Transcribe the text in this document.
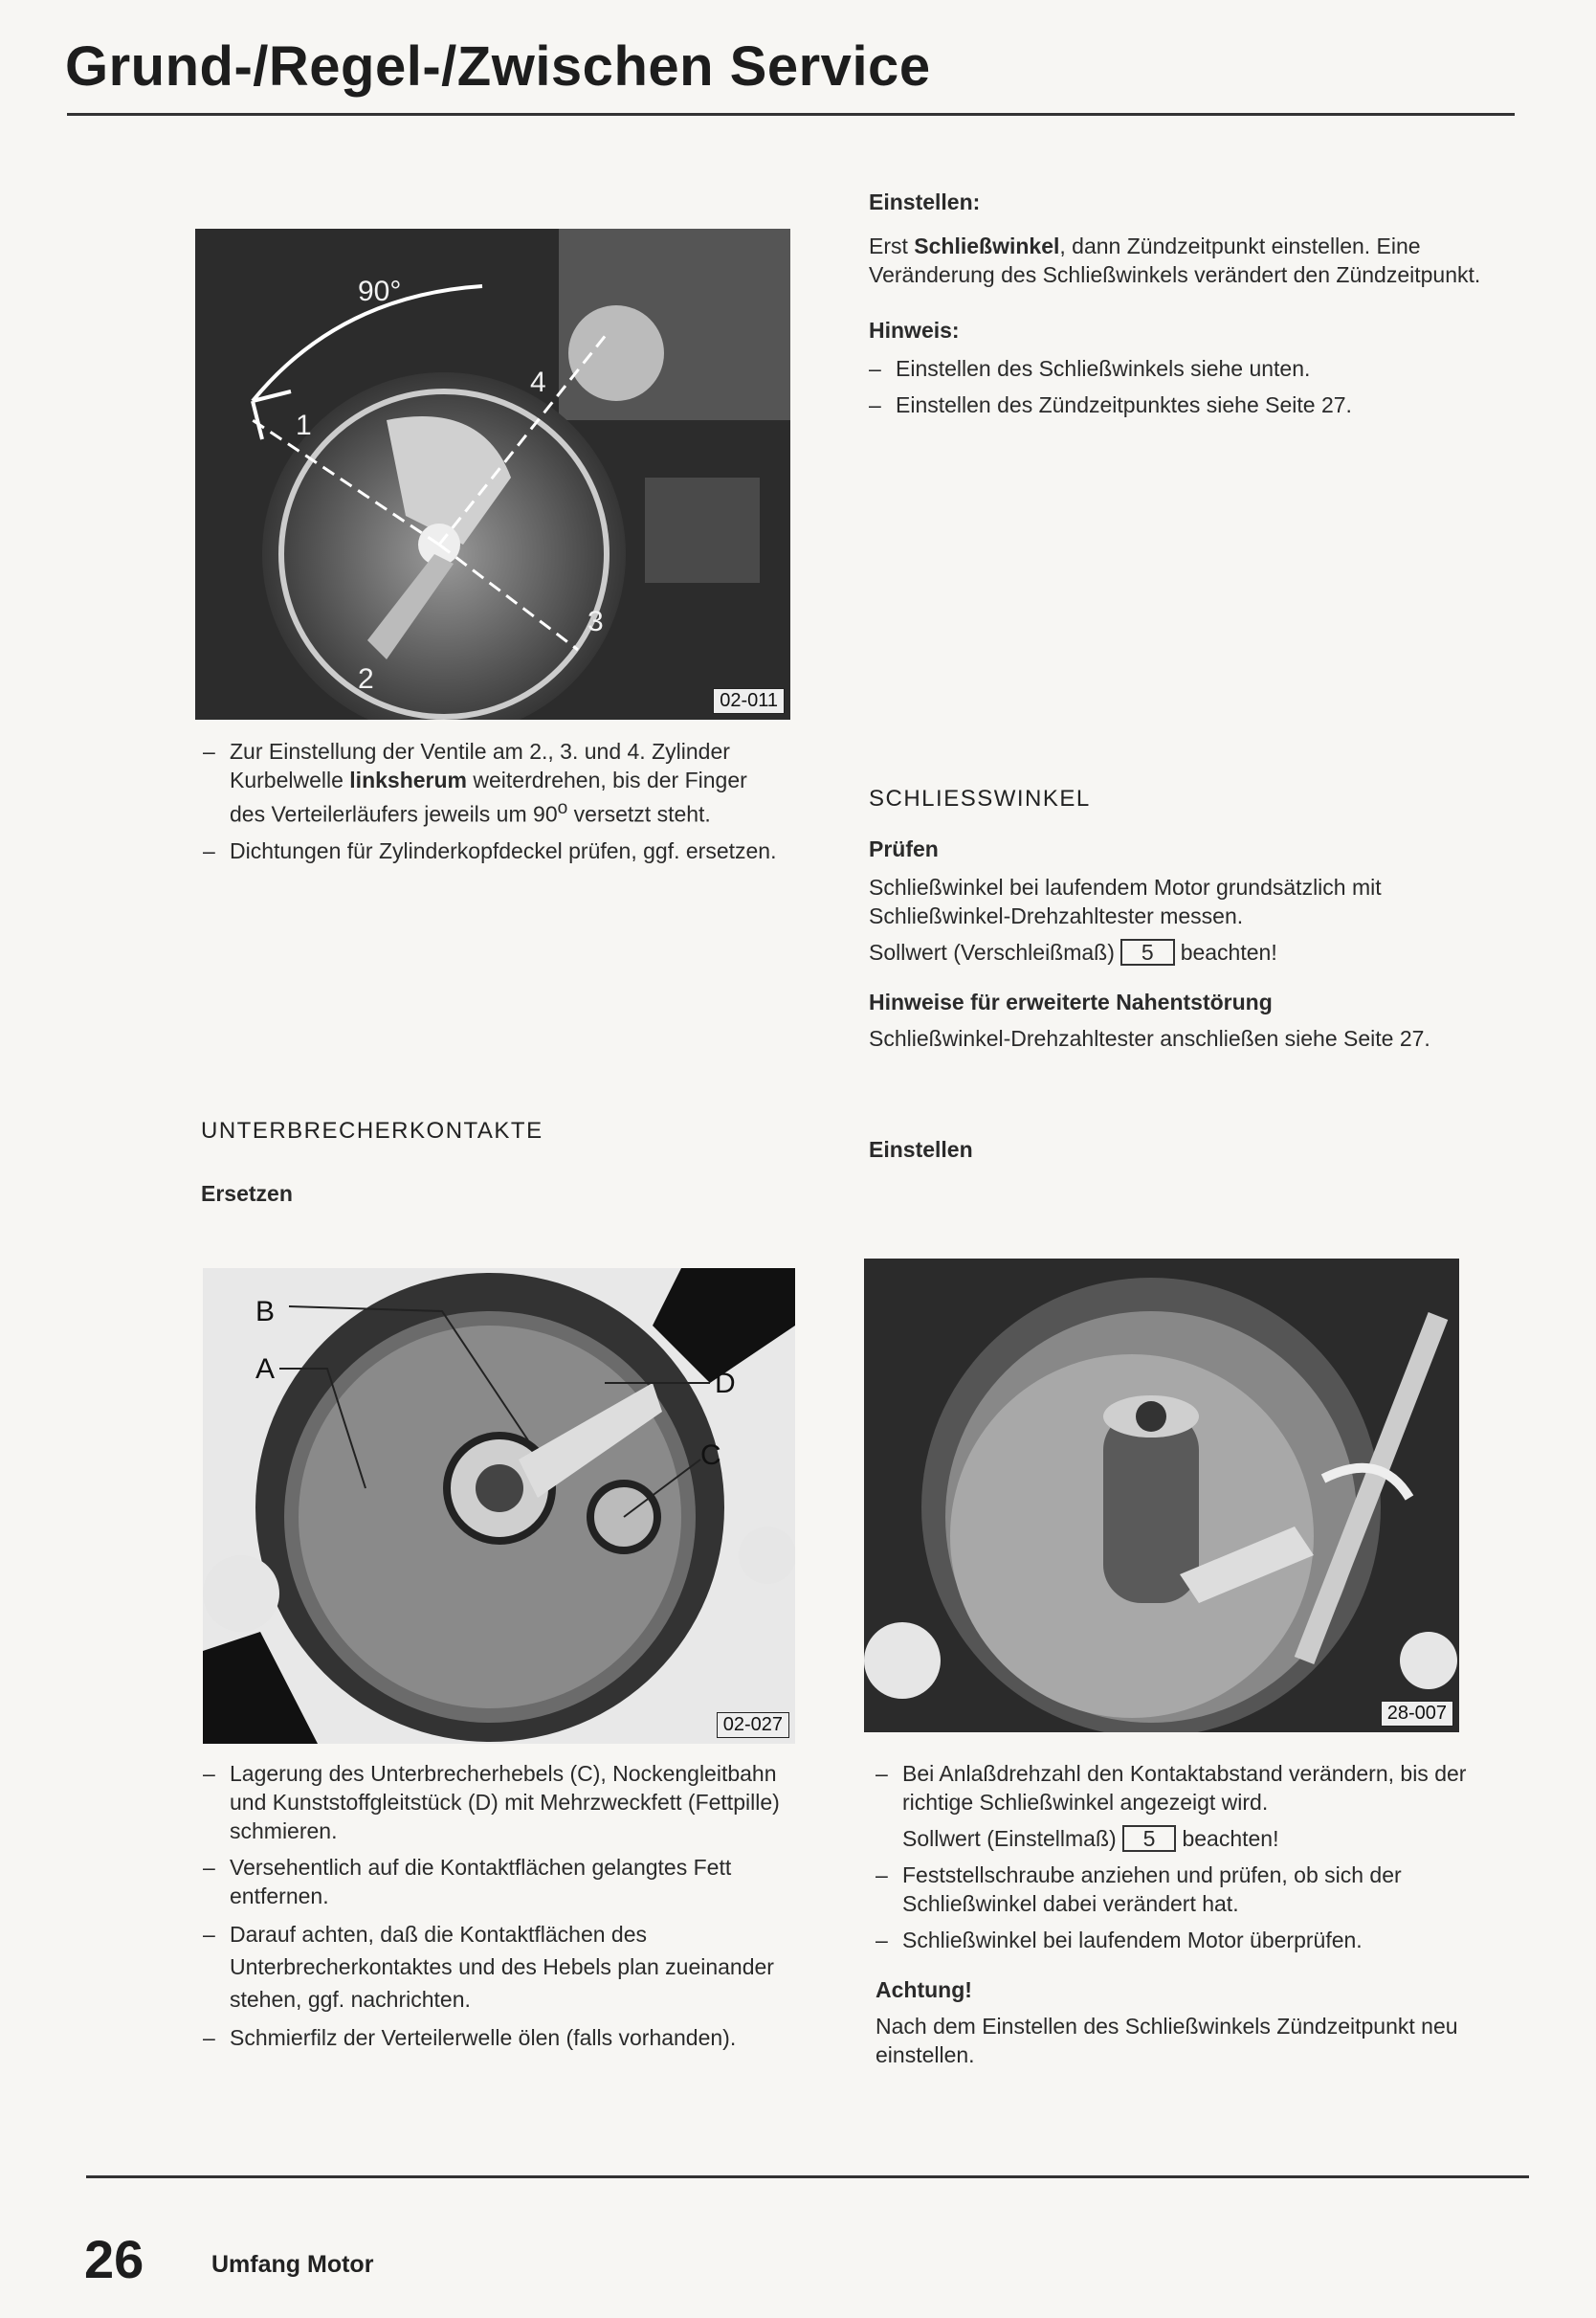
Grund-/Regel-/Zwischen Service
90°
1
2
3
4
02-011
Einstellen:
Erst Schließwinkel, dann Zündzeitpunkt einstellen. Eine Veränderung des Schließwinkels verändert den Zündzeitpunkt.
Hinweis:
– Einstellen des Schließwinkels siehe unten.
– Einstellen des Zündzeitpunktes siehe Seite 27.
– Zur Einstellung der Ventile am 2., 3. und 4. Zylinder Kurbelwelle linksherum weiterdrehen, bis der Finger des Verteilerläufers jeweils um 90$^o$ versetzt steht.
– Dichtungen für Zylinderkopfdeckel prüfen, ggf. ersetzen.
SCHLIESSWINKEL
Prüfen
Schließwinkel bei laufendem Motor grundsätzlich mit Schließwinkel-Drehzahltester messen.
Sollwert (Verschleißmaß) 5 beachten!
Hinweise für erweiterte Nahentstörung
Schließwinkel-Drehzahltester anschließen siehe Seite 27.
Einstellen
UNTERBRECHERKONTAKTE
Ersetzen
B
A	D
C
02-027
28-007
– Lagerung des Unterbrecherhebels (C), Nockengleitbahn und Kunststoffgleitstück (D) mit Mehrzweckfett (Fettpille) schmieren.
– Versehentlich auf die Kontaktflächen gelangtes Fett entfernen.
– Darauf achten, daß die Kontaktflächen des Unterbrecherkontaktes und des Hebels plan zueinander stehen, ggf. nachrichten.
– Schmierfilz der Verteilerwelle ölen (falls vorhanden).
– Bei Anlaßdrehzahl den Kontaktabstand verändern, bis der richtige Schließwinkel angezeigt wird.
Sollwert (Einstellmaß) 5 beachten!
– Feststellschraube anziehen und prüfen, ob sich der Schließwinkel dabei verändert hat.
– Schließwinkel bei laufendem Motor überprüfen.
Achtung!
Nach dem Einstellen des Schließwinkels Zündzeitpunkt neu einstellen.
26	Umfang Motor
